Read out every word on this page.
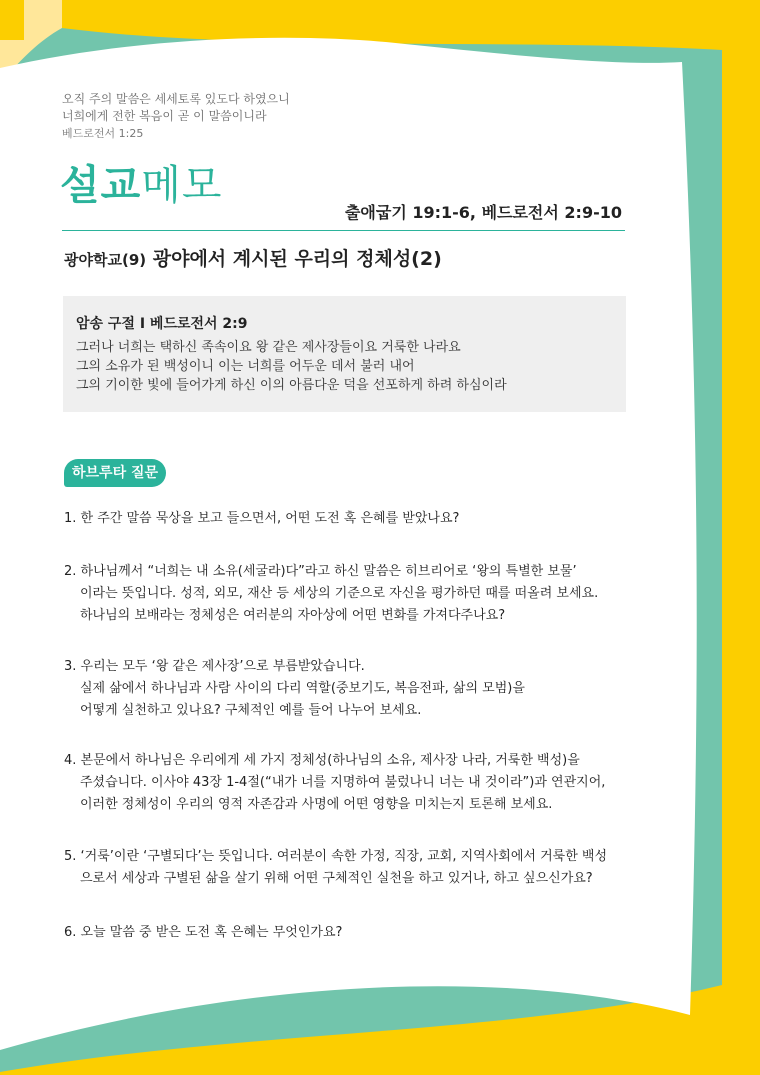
오직 주의 말씀은 세세토록 있도다 하였으니
너희에게 전한 복음이 곧 이 말씀이니라
베드로전서 1:25
설교메모
출애굽기 19:1-6, 베드로전서 2:9-10
광야학교(9) 광야에서 계시된 우리의 정체성(2)
암송 구절 I 베드로전서 2:9
그러나 너희는 택하신 족속이요 왕 같은 제사장들이요 거룩한 나라요
그의 소유가 된 백성이니 이는 너희를 어두운 데서 불러 내어
그의 기이한 빛에 들어가게 하신 이의 아름다운 덕을 선포하게 하려 하심이라
하브루타 질문
1. 한 주간 말씀 묵상을 보고 들으면서, 어떤 도전 혹 은혜를 받았나요?
2. 하나님께서 “너희는 내 소유(세굴라)다”라고 하신 말씀은 히브리어로 ‘왕의 특별한 보물’
이라는 뜻입니다. 성적, 외모, 재산 등 세상의 기준으로 자신을 평가하던 때를 떠올려 보세요.
하나님의 보배라는 정체성은 여러분의 자아상에 어떤 변화를 가져다주나요?
3. 우리는 모두 ‘왕 같은 제사장’으로 부름받았습니다.
실제 삶에서 하나님과 사람 사이의 다리 역할(중보기도, 복음전파, 삶의 모범)을
어떻게 실천하고 있나요? 구체적인 예를 들어 나누어 보세요.
4. 본문에서 하나님은 우리에게 세 가지 정체성(하나님의 소유, 제사장 나라, 거룩한 백성)을
주셨습니다. 이사야 43장 1-4절(“내가 너를 지명하여 불렀나니 너는 내 것이라”)과 연관지어,
이러한 정체성이 우리의 영적 자존감과 사명에 어떤 영향을 미치는지 토론해 보세요.
5. ‘거룩’이란 ‘구별되다’는 뜻입니다. 여러분이 속한 가정, 직장, 교회, 지역사회에서 거룩한 백성
으로서 세상과 구별된 삶을 살기 위해 어떤 구체적인 실천을 하고 있거나, 하고 싶으신가요?
6. 오늘 말씀 중 받은 도전 혹 은혜는 무엇인가요?
